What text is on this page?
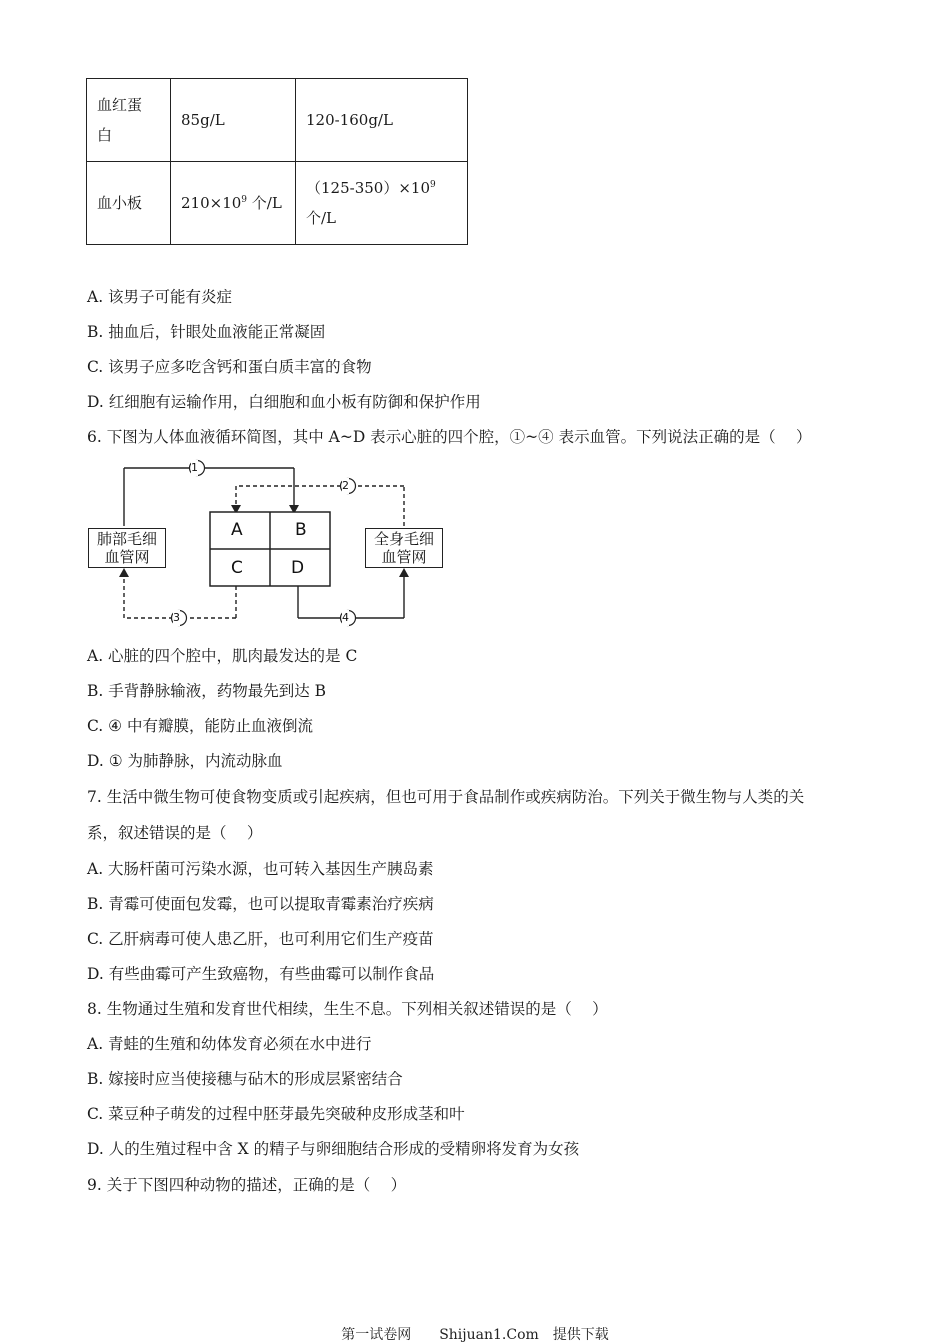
血红蛋
白	85g/L	120-160g/L
血小板	$210\times 10^9$ 个/L	$(125-350)\times 10^9$
个/L
A. 该男子可能有炎症
B. 抽血后，针眼处血液能正常凝固
C. 该男子应多吃含钙和蛋白质丰富的食物
D. 红细胞有运输作用，白细胞和血小板有防御和保护作用
6. 下图为人体血液循环简图，其中 A~D 表示心脏的四个腔，①~④ 表示血管。下列说法正确的是（　 ）
肺部毛细
血管网
全身毛细
血管网
A	B
C	D
1
2
3	4
A. 心脏的四个腔中，肌肉最发达的是 C
B. 手背静脉输液，药物最先到达 B
C. ④ 中有瓣膜，能防止血液倒流
D. ① 为肺静脉，内流动脉血
7. 生活中微生物可使食物变质或引起疾病，但也可用于食品制作或疾病防治。下列关于微生物与人类的关
系，叙述错误的是（　 ）
A. 大肠杆菌可污染水源，也可转入基因生产胰岛素
B. 青霉可使面包发霉，也可以提取青霉素治疗疾病
C. 乙肝病毒可使人患乙肝，也可利用它们生产疫苗
D. 有些曲霉可产生致癌物，有些曲霉可以制作食品
8. 生物通过生殖和发育世代相续，生生不息。下列相关叙述错误的是（　 ）
A. 青蛙的生殖和幼体发育必须在水中进行
B. 嫁接时应当使接穗与砧木的形成层紧密结合
C. 菜豆种子萌发的过程中胚芽最先突破种皮形成茎和叶
D. 人的生殖过程中含 X 的精子与卵细胞结合形成的受精卵将发育为女孩
9. 关于下图四种动物的描述，正确的是（　 ）
第一试卷网　　Shijuan1.Com　提供下载
